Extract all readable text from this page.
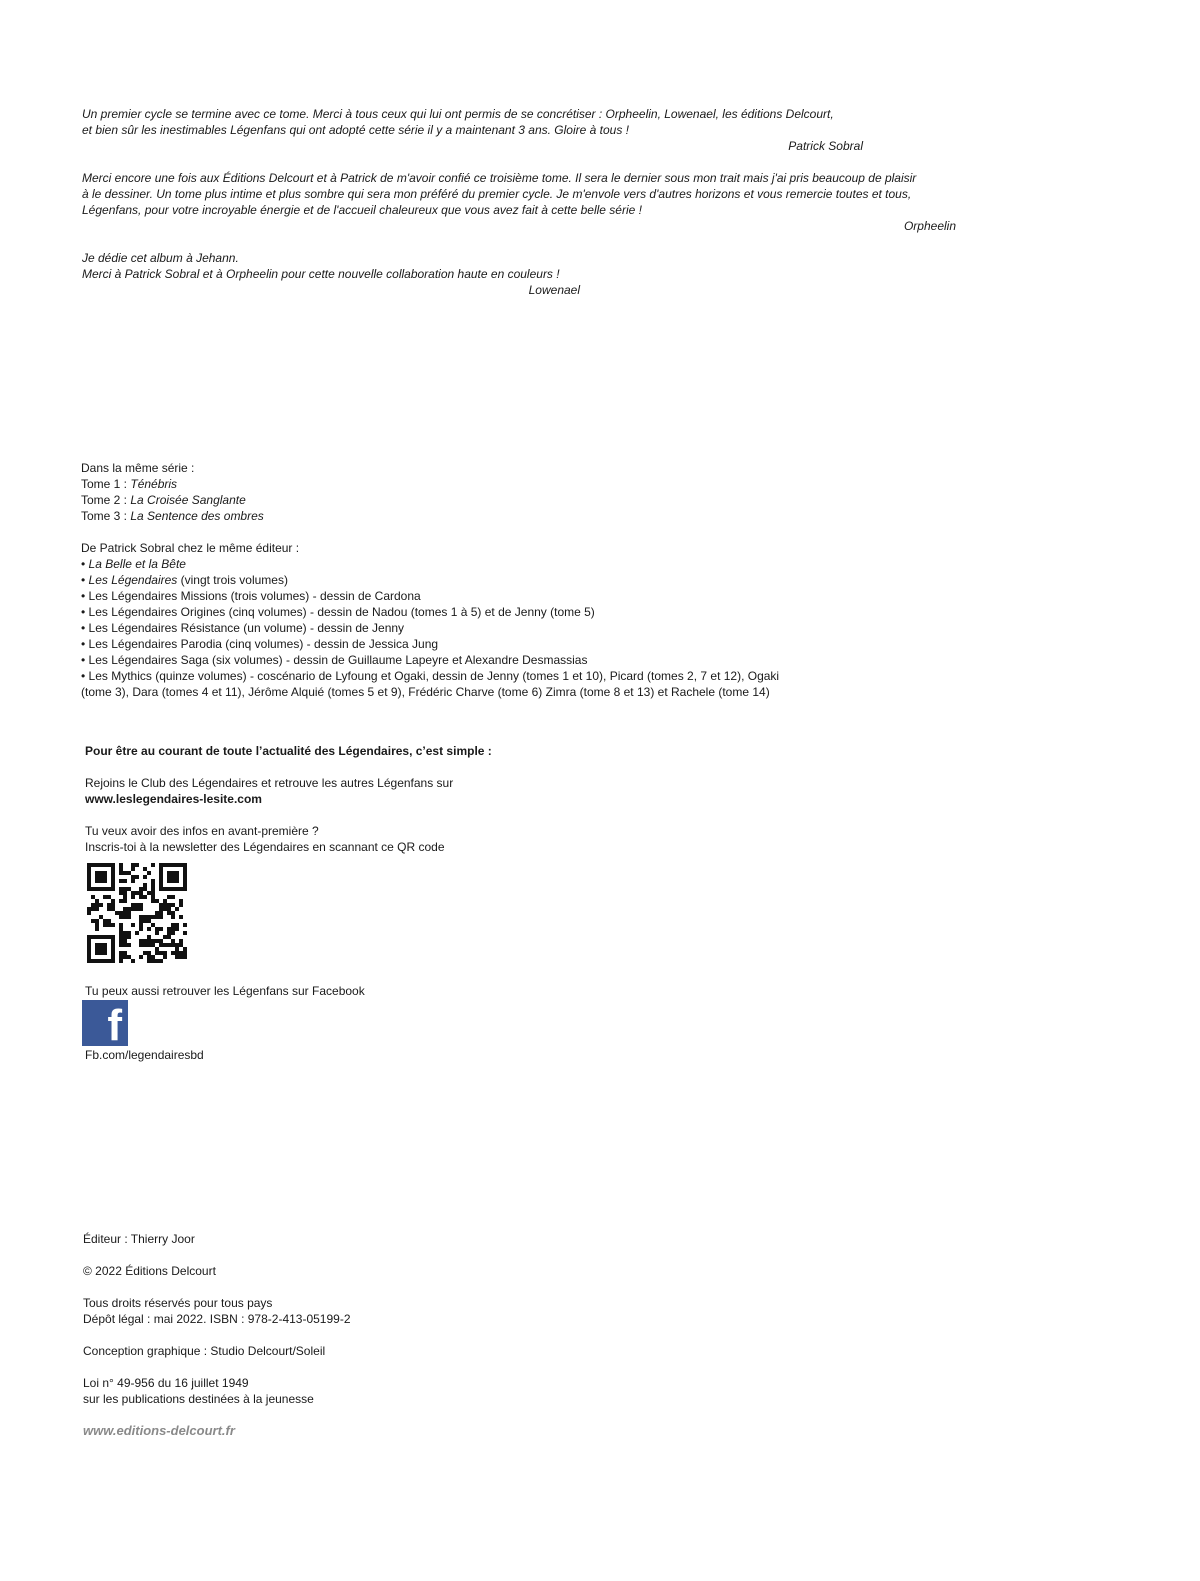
Un premier cycle se termine avec ce tome. Merci à tous ceux qui lui ont permis de se concrétiser : Orpheelin, Lowenael, les éditions Delcourt,
et bien sûr les inestimables Légenfans qui ont adopté cette série il y a maintenant 3 ans. Gloire à tous !
Patrick Sobral
Merci encore une fois aux Éditions Delcourt et à Patrick de m'avoir confié ce troisième tome. Il sera le dernier sous mon trait mais j'ai pris beaucoup de plaisir
à le dessiner. Un tome plus intime et plus sombre qui sera mon préféré du premier cycle. Je m'envole vers d'autres horizons et vous remercie toutes et tous,
Légenfans, pour votre incroyable énergie et de l'accueil chaleureux que vous avez fait à cette belle série !
Orpheelin
Je dédie cet album à Jehann.
Merci à Patrick Sobral et à Orpheelin pour cette nouvelle collaboration haute en couleurs !
Lowenael
Dans la même série :
Tome 1 : Ténébris
Tome 2 : La Croisée Sanglante
Tome 3 : La Sentence des ombres
De Patrick Sobral chez le même éditeur :
• La Belle et la Bête
• Les Légendaires (vingt trois volumes)
• Les Légendaires Missions (trois volumes) - dessin de Cardona
• Les Légendaires Origines (cinq volumes) - dessin de Nadou (tomes 1 à 5) et de Jenny (tome 5)
• Les Légendaires Résistance (un volume) - dessin de Jenny
• Les Légendaires Parodia (cinq volumes) - dessin de Jessica Jung
• Les Légendaires Saga (six volumes) - dessin de Guillaume Lapeyre et Alexandre Desmassias
• Les Mythics (quinze volumes) - coscénario de Lyfoung et Ogaki, dessin de Jenny (tomes 1 et 10), Picard (tomes 2, 7 et 12), Ogaki
(tome 3), Dara (tomes 4 et 11), Jérôme Alquié (tomes 5 et 9), Frédéric Charve (tome 6) Zimra (tome 8 et 13) et Rachele (tome 14)
Pour être au courant de toute l’actualité des Légendaires, c’est simple :
Rejoins le Club des Légendaires et retrouve les autres Légenfans sur
www.leslegendaires-lesite.com
Tu veux avoir des infos en avant-première ?
Inscris-toi à la newsletter des Légendaires en scannant ce QR code
Tu peux aussi retrouver les Légenfans sur Facebook
f
Fb.com/legendairesbd
Éditeur : Thierry Joor
© 2022 Éditions Delcourt
Tous droits réservés pour tous pays
Dépôt légal : mai 2022. ISBN : 978-2-413-05199-2
Conception graphique : Studio Delcourt/Soleil
Loi n° 49-956 du 16 juillet 1949
sur les publications destinées à la jeunesse
www.editions-delcourt.fr
